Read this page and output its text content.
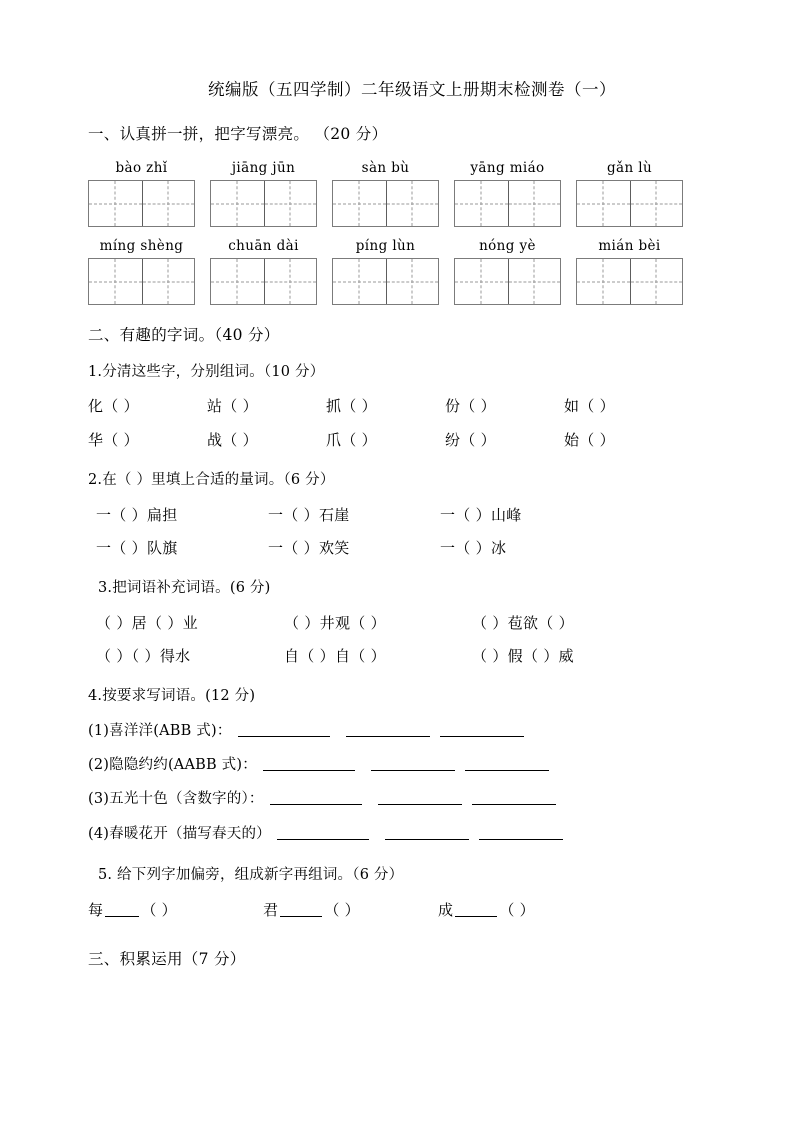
统编版（五四学制）二年级语文上册期末检测卷（一）
一、认真拼一拼，把字写漂亮。 （20 分）
bào zhǐ	jiāng jūn	sàn bù	yāng miáo	gǎn lù
míng shèng	chuān dài	píng lùn	nóng yè	mián bèi
二、有趣的字词。（40 分）
1.分清这些字，分别组词。（10 分）
化（ ）	站（ ）	抓（ ）	份（ ）	如（ ）
华（ ）	战（ ）	爪（ ）	纷（ ）	始（ ）
2.在（ ）里填上合适的量词。（6 分）
一（ ）扁担	一（ ）石崖	一（ ）山峰
一（ ）队旗	一（ ）欢笑	一（ ）冰
3.把词语补充词语。(6 分)
（ ）居（ ）业	（ ）井观（ ）	（ ）苞欲（ ）
（ ）（ ）得水	自（ ）自（ ）	（ ）假（ ）威
4.按要求写词语。(12 分)
(1)喜洋洋(ABB 式)：
(2)隐隐约约(AABB 式)：
(3)五光十色（含数字的）：
(4)春暖花开（描写春天的）
5. 给下列字加偏旁，组成新字再组词。（6 分）
每	（ ）	君	（ ）	成	（ ）
三、积累运用（7 分）
